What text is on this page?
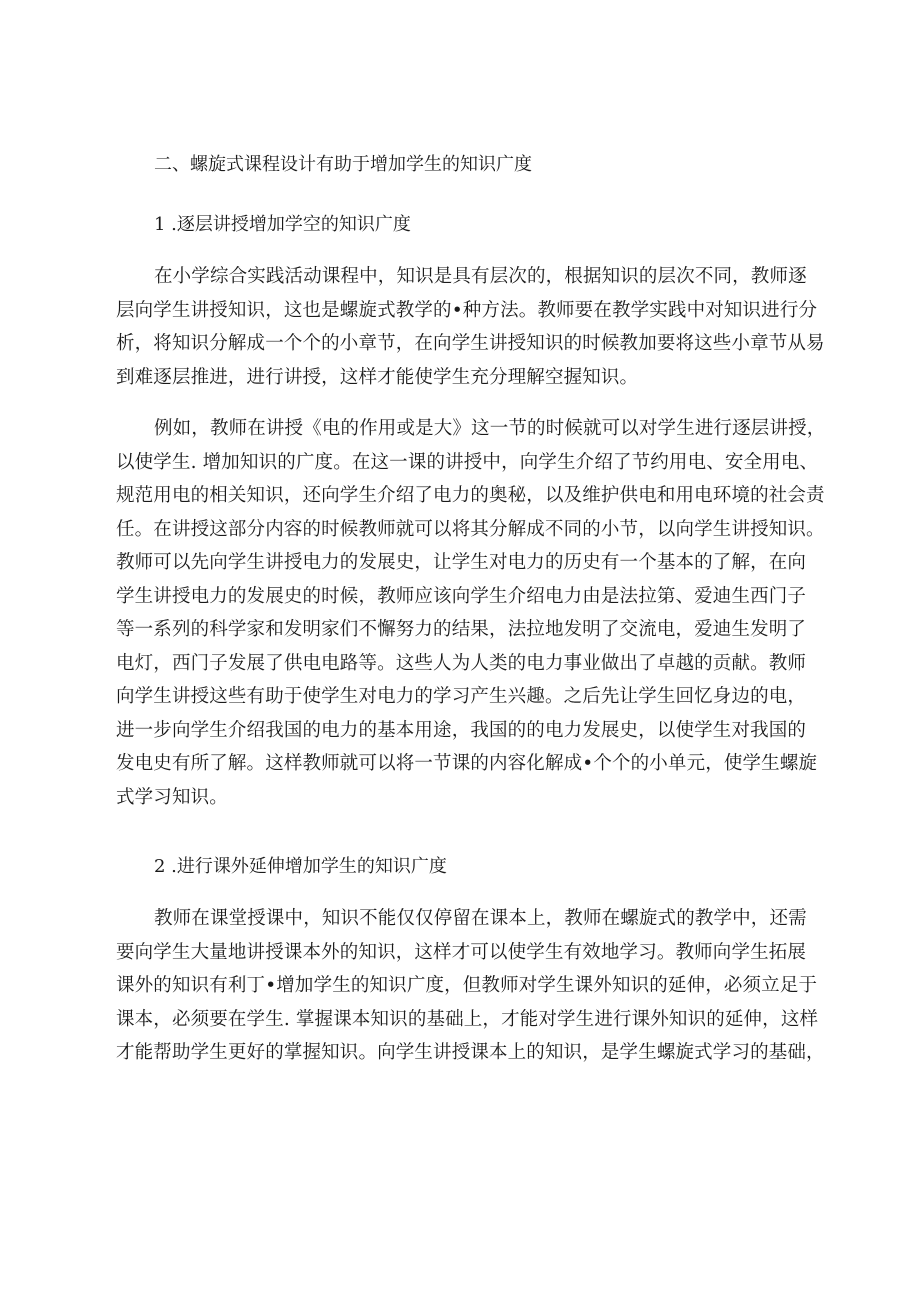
二、螺旋式课程设计有助于增加学生的知识广度
1 .逐层讲授增加学空的知识广度
在小学综合实践活动课程中，知识是具有层次的，根据知识的层次不同，教师逐
层向学生讲授知识，这也是螺旋式教学的•种方法。教师要在教学实践中对知识进行分
析，将知识分解成一个个的小章节，在向学生讲授知识的时候教加要将这些小章节从易
到难逐层推进，进行讲授，这样才能使学生充分理解空握知识。
例如，教师在讲授《电的作用或是大》这一节的时候就可以对学生进行逐层讲授，
以使学生. 增加知识的广度。在这一课的讲授中，向学生介绍了节约用电、安全用电、
规范用电的相关知识，还向学生介绍了电力的奥秘，以及维护供电和用电环境的社会责
任。在讲授这部分内容的时候教师就可以将其分解成不同的小节，以向学生讲授知识。
教师可以先向学生讲授电力的发展史，让学生对电力的历史有一个基本的了解，在向
学生讲授电力的发展史的时候，教师应该向学生介绍电力由是法拉第、爱迪生西门子
等一系列的科学家和发明家们不懈努力的结果，法拉地发明了交流电，爱迪生发明了
电灯，西门子发展了供电电路等。这些人为人类的电力事业做出了卓越的贡献。教师
向学生讲授这些有助于使学生对电力的学习产生兴趣。之后先让学生回忆身边的电，
进一步向学生介绍我国的电力的基本用途，我国的的电力发展史，以使学生对我国的
发电史有所了解。这样教师就可以将一节课的内容化解成•个个的小单元，使学生螺旋
式学习知识。
2 .进行课外延伸增加学生的知识广度
教师在课堂授课中，知识不能仅仅停留在课本上，教师在螺旋式的教学中，还需
要向学生大量地讲授课本外的知识，这样才可以使学生有效地学习。教师向学生拓展
课外的知识有利丁•增加学生的知识广度，但教师对学生课外知识的延伸，必须立足于
课本，必须要在学生. 掌握课本知识的基础上，才能对学生进行课外知识的延伸，这样
才能帮助学生更好的掌握知识。向学生讲授课本上的知识，是学生螺旋式学习的基础，
